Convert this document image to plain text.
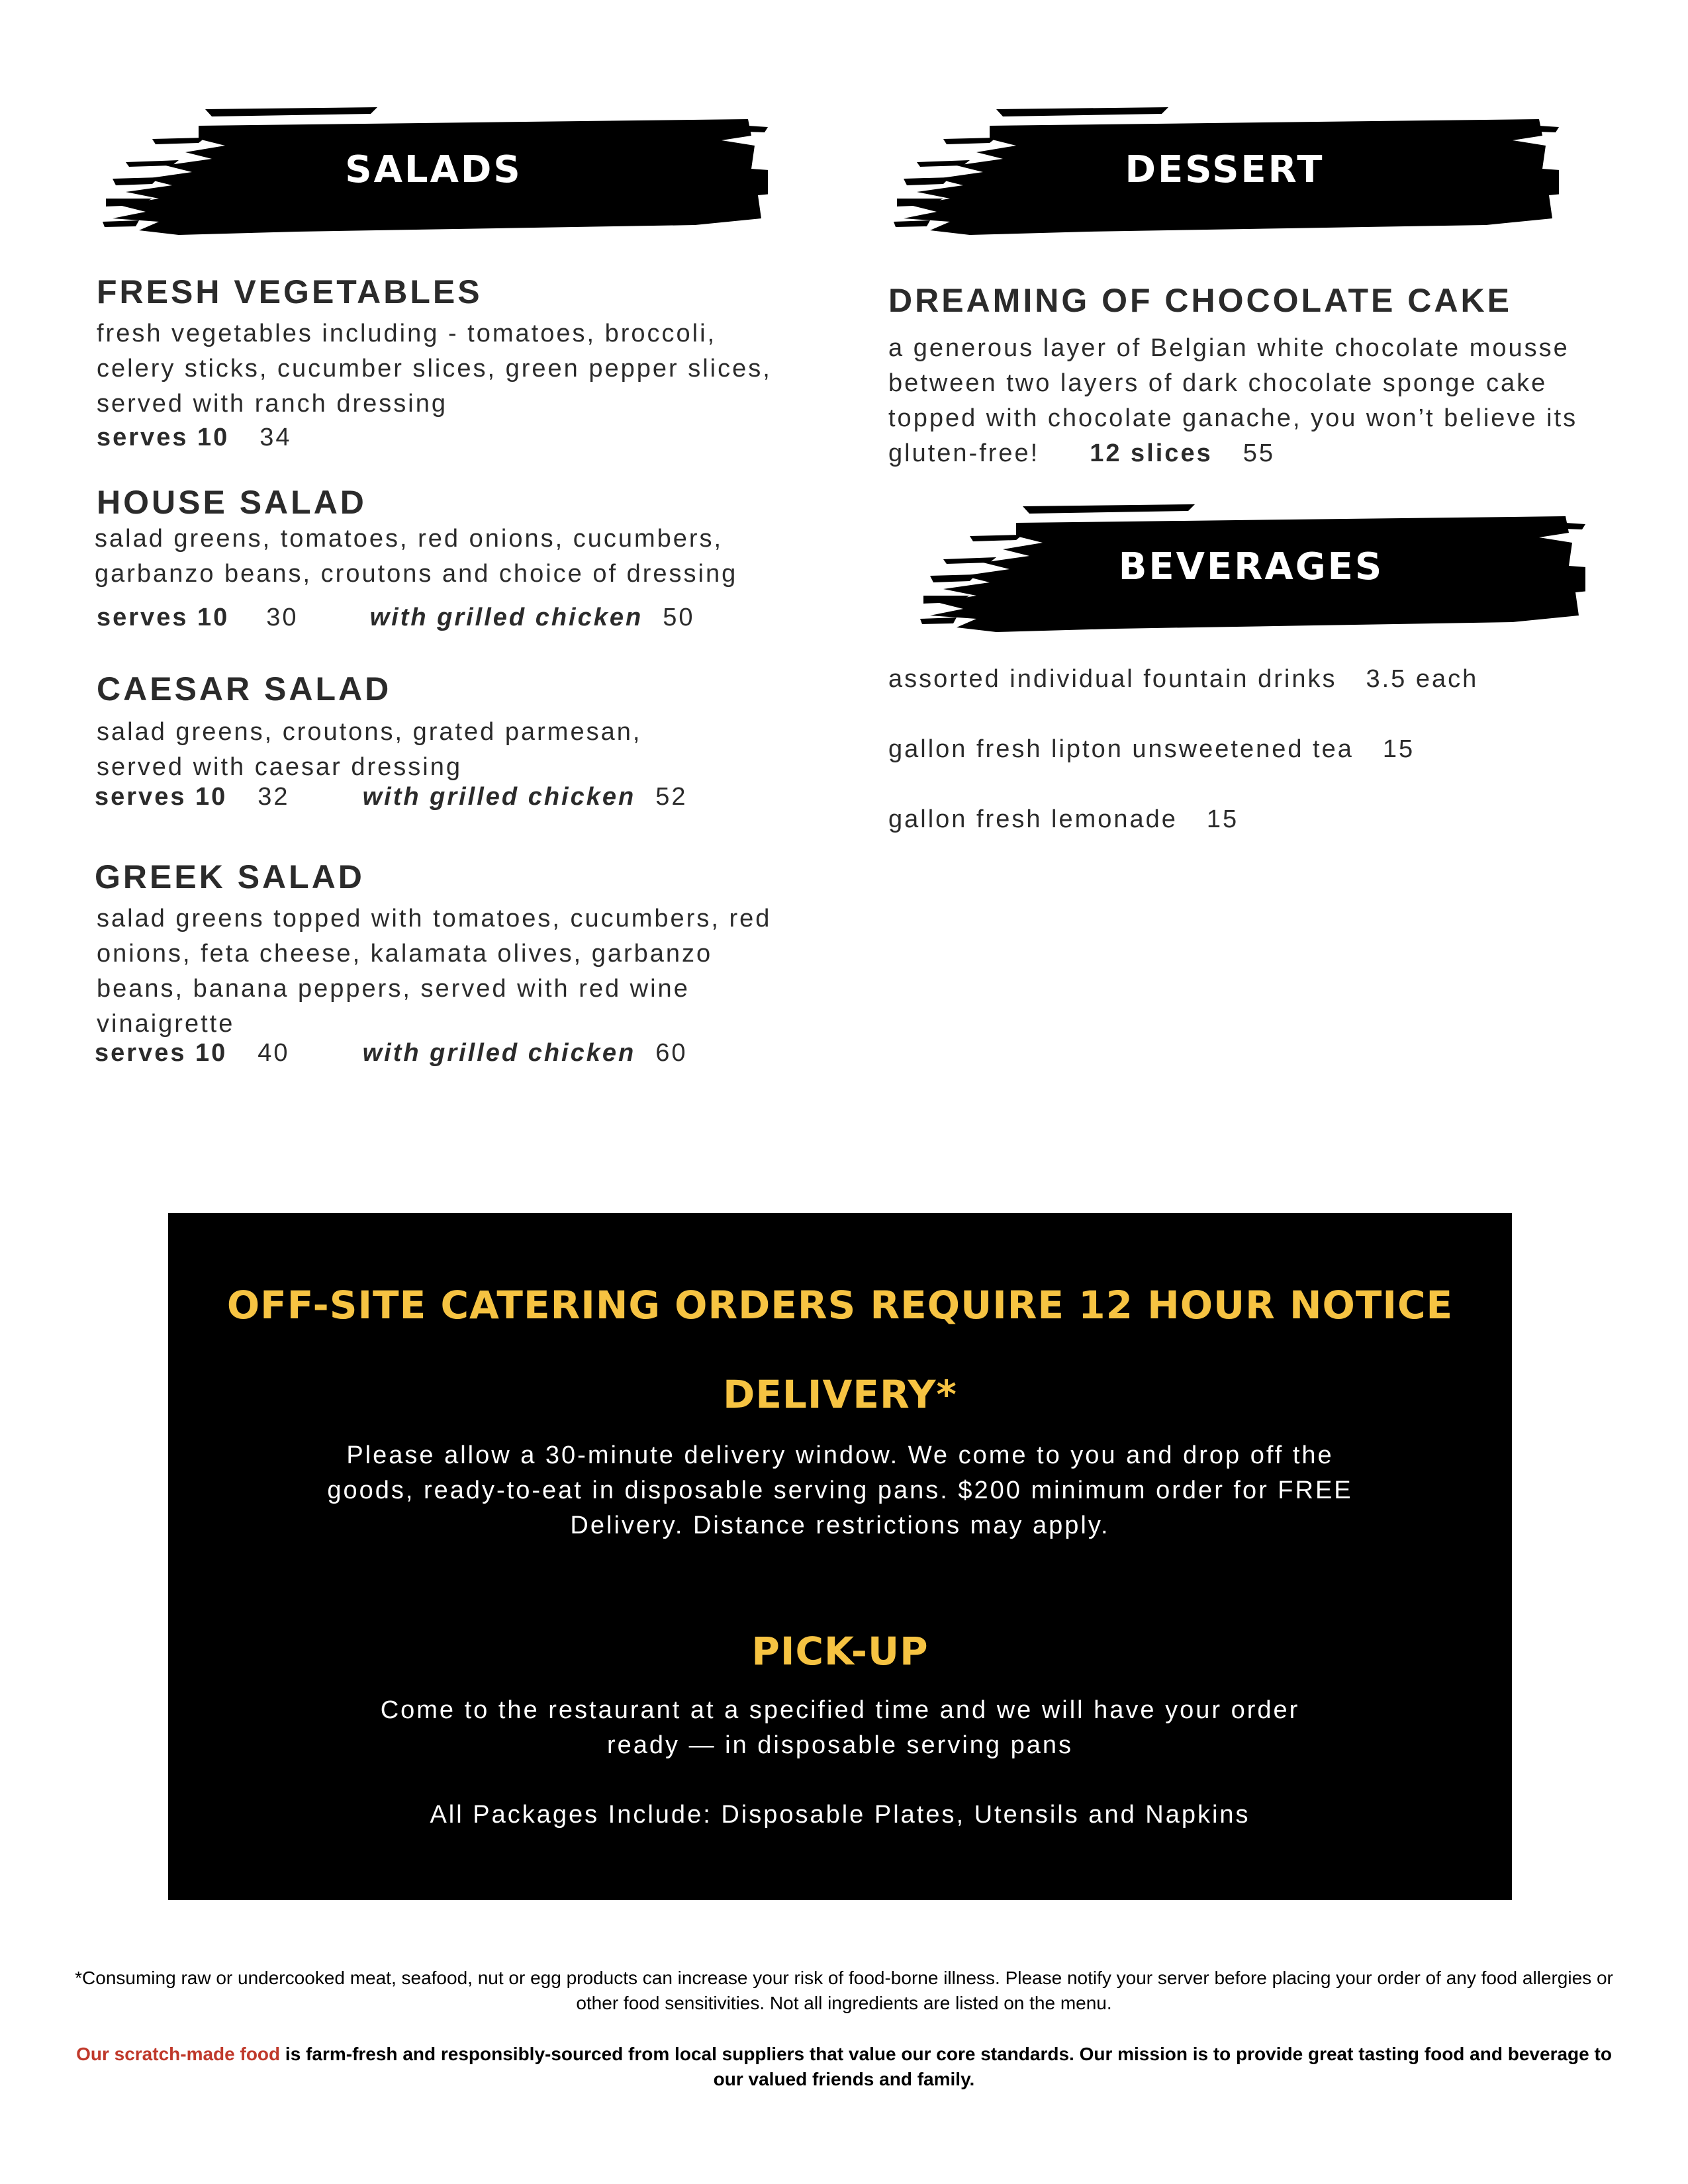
SALADS
FRESH VEGETABLES
fresh vegetables including - tomatoes, broccoli,
celery sticks, cucumber slices, green pepper slices,
served with ranch dressing
serves 10 34
HOUSE SALAD
salad greens, tomatoes, red onions, cucumbers,
garbanzo beans, croutons and choice of dressing
serves 10 30	with grilled chicken 50
CAESAR SALAD
salad greens, croutons, grated parmesan,
served with caesar dressing
serves 10 32	with grilled chicken 52
GREEK SALAD
salad greens topped with tomatoes, cucumbers, red
onions, feta cheese, kalamata olives, garbanzo
beans, banana peppers, served with red wine
vinaigrette
serves 10 40	with grilled chicken 60
DESSERT
DREAMING OF CHOCOLATE CAKE
a generous layer of Belgian white chocolate mousse
between two layers of dark chocolate sponge cake
topped with chocolate ganache, you won’t believe its
gluten-free! 12 slices 55
BEVERAGES
assorted individual fountain drinks 3.5 each
gallon fresh lipton unsweetened tea 15
gallon fresh lemonade 15
OFF-SITE CATERING ORDERS REQUIRE 12 HOUR NOTICE
DELIVERY*
Please allow a 30-minute delivery window. We come to you and drop off the
goods, ready-to-eat in disposable serving pans. $200 minimum order for FREE
Delivery. Distance restrictions may apply.
PICK-UP
Come to the restaurant at a specified time and we will have your order
ready — in disposable serving pans
All Packages Include: Disposable Plates, Utensils and Napkins
*Consuming raw or undercooked meat, seafood, nut or egg products can increase your risk of food-borne illness. Please notify your server before placing your order of any food allergies or
other food sensitivities. Not all ingredients are listed on the menu.
Our scratch-made food is farm-fresh and responsibly-sourced from local suppliers that value our core standards. Our mission is to provide great tasting food and beverage to
our valued friends and family.
